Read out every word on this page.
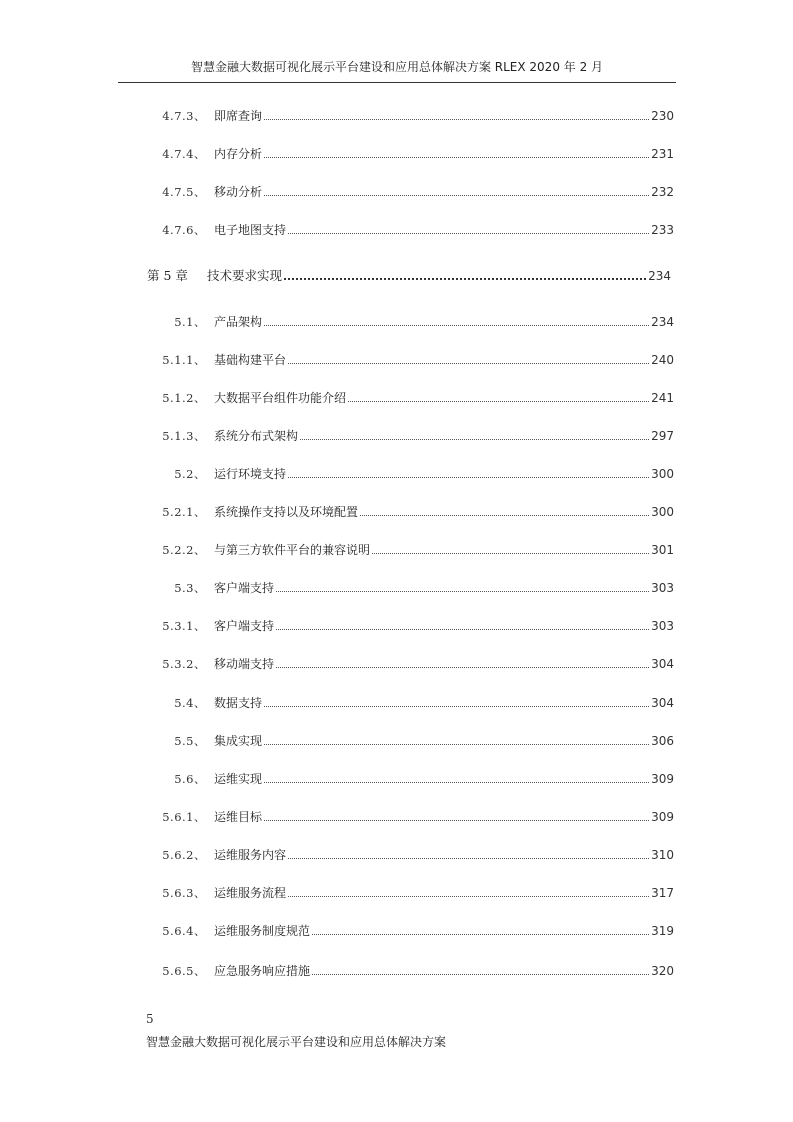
智慧金融大数据可视化展示平台建设和应用总体解决方案 RLEX 2020 年 2 月
4.7.3、 即席查询	230
4.7.4、 内存分析	231
4.7.5、 移动分析	232
4.7.6、 电子地图支持	233
第 5 章	技术要求实现	234
5.1、 产品架构	234
5.1.1、 基础构建平台	240
5.1.2、 大数据平台组件功能介绍	241
5.1.3、 系统分布式架构	297
5.2、 运行环境支持	300
5.2.1、 系统操作支持以及环境配置	300
5.2.2、 与第三方软件平台的兼容说明	301
5.3、 客户端支持	303
5.3.1、 客户端支持	303
5.3.2、 移动端支持	304
5.4、 数据支持	304
5.5、 集成实现	306
5.6、 运维实现	309
5.6.1、 运维目标	309
5.6.2、 运维服务内容	310
5.6.3、 运维服务流程	317
5.6.4、 运维服务制度规范	319
5.6.5、 应急服务响应措施	320
5
智慧金融大数据可视化展示平台建设和应用总体解决方案
